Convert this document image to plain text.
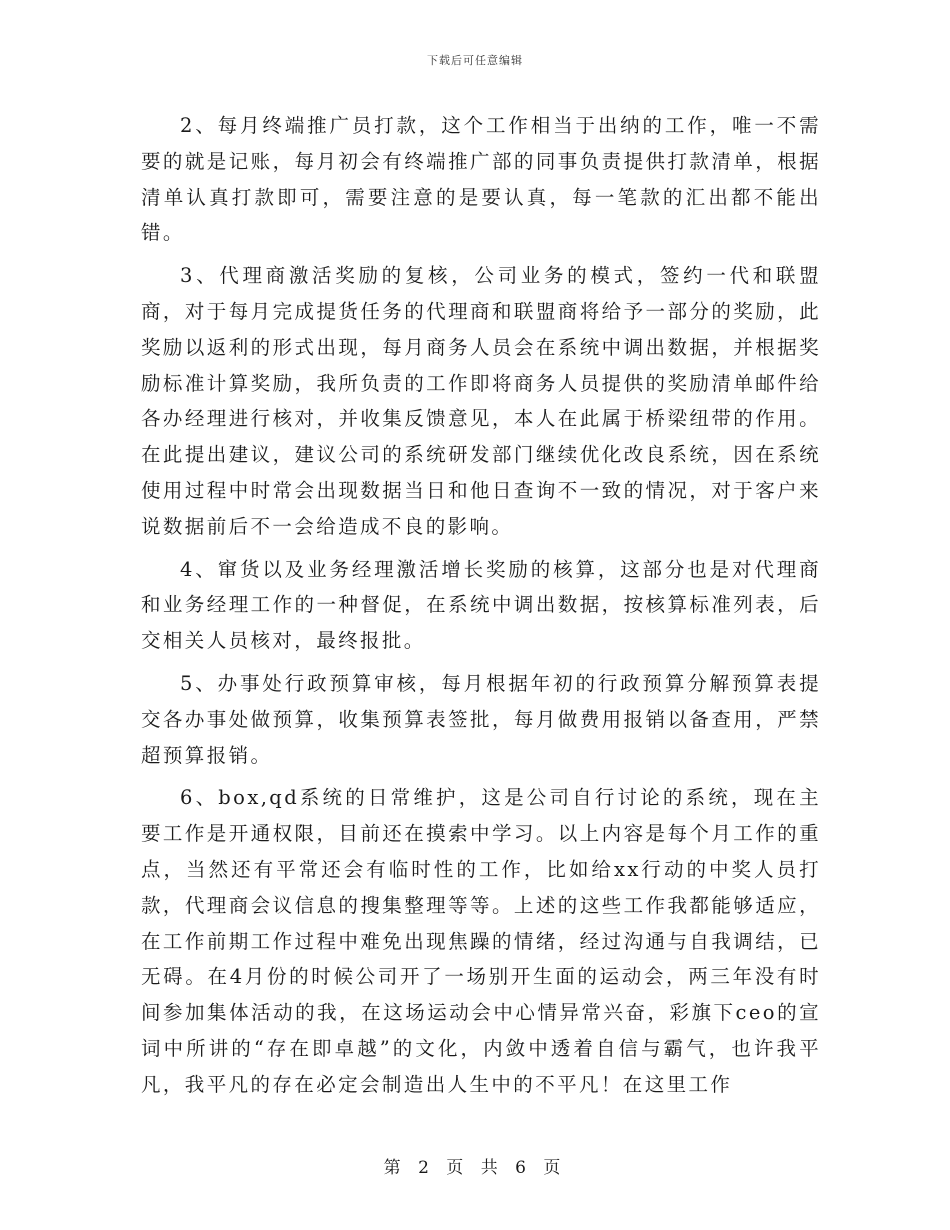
下载后可任意编辑

2、每月终端推广员打款，这个工作相当于出纳的工作，唯一不需要的就是记账，每月初会有终端推广部的同事负责提供打款清单，根据清单认真打款即可，需要注意的是要认真，每一笔款的汇出都不能出错。

3、代理商激活奖励的复核，公司业务的模式，签约一代和联盟商，对于每月完成提货任务的代理商和联盟商将给予一部分的奖励，此奖励以返利的形式出现，每月商务人员会在系统中调出数据，并根据奖励标准计算奖励，我所负责的工作即将商务人员提供的奖励清单邮件给各办经理进行核对，并收集反馈意见，本人在此属于桥梁纽带的作用。在此提出建议，建议公司的系统研发部门继续优化改良系统，因在系统使用过程中时常会出现数据当日和他日查询不一致的情况，对于客户来说数据前后不一会给造成不良的影响。

4、窜货以及业务经理激活增长奖励的核算，这部分也是对代理商和业务经理工作的一种督促，在系统中调出数据，按核算标准列表，后交相关人员核对，最终报批。

5、办事处行政预算审核，每月根据年初的行政预算分解预算表提交各办事处做预算，收集预算表签批，每月做费用报销以备查用，严禁超预算报销。

6、box,qd系统的日常维护，这是公司自行讨论的系统，现在主要工作是开通权限，目前还在摸索中学习。以上内容是每个月工作的重点，当然还有平常还会有临时性的工作，比如给xx行动的中奖人员打款，代理商会议信息的搜集整理等等。上述的这些工作我都能够适应，在工作前期工作过程中难免出现焦躁的情绪，经过沟通与自我调结，已无碍。在4月份的时候公司开了一场别开生面的运动会，两三年没有时间参加集体活动的我，在这场运动会中心情异常兴奋，彩旗下ceo的宣词中所讲的“存在即卓越”的文化，内敛中透着自信与霸气，也许我平凡，我平凡的存在必定会制造出人生中的不平凡！在这里工作

第 2 页 共 6 页
